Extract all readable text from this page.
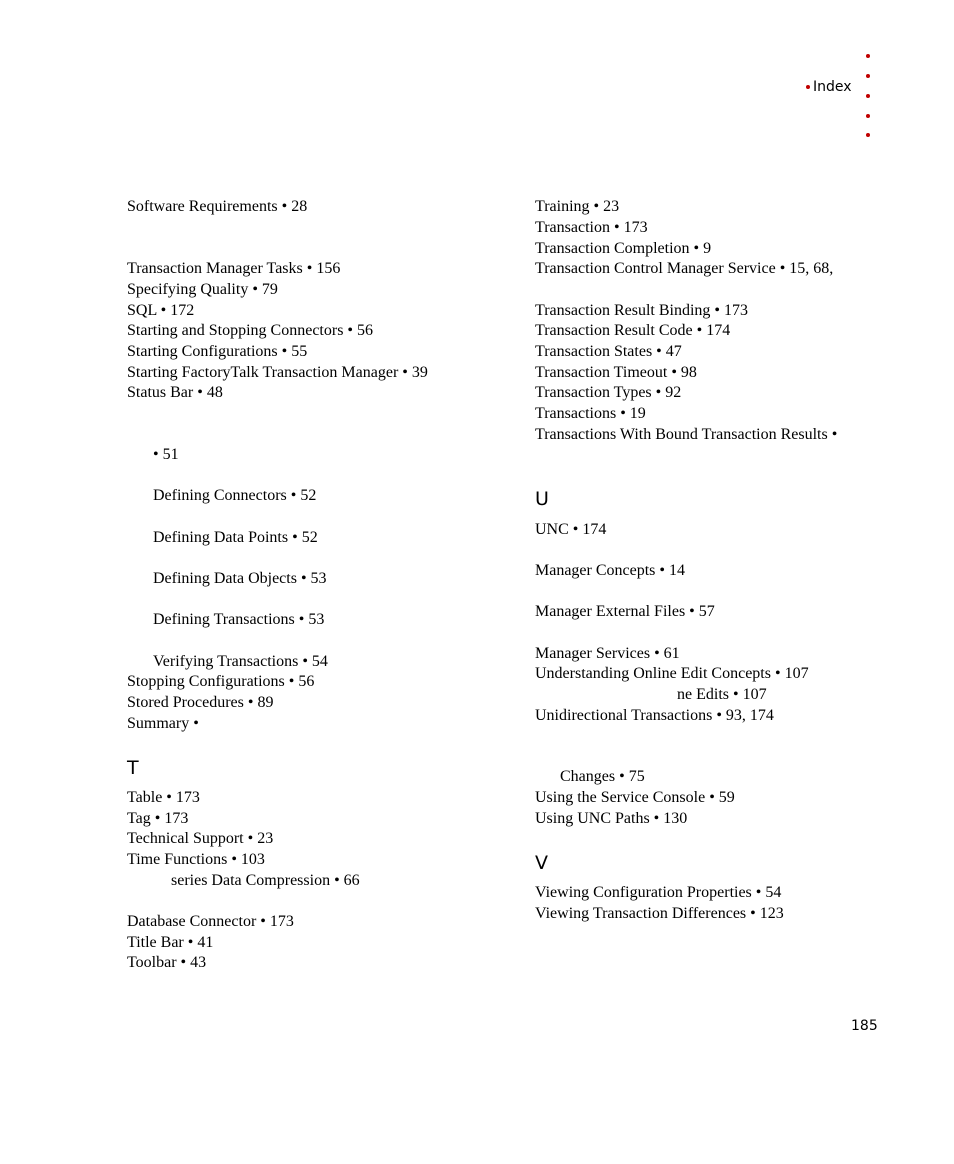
Index
Software Requirements • 28
Transaction Manager Tasks • 156
Specifying Quality • 79
SQL • 172
Starting and Stopping Connectors • 56
Starting Configurations • 55
Starting FactoryTalk Transaction Manager • 39
Status Bar • 48
• 51
Defining Connectors • 52
Defining Data Points • 52
Defining Data Objects • 53
Defining Transactions • 53
Verifying Transactions • 54
Stopping Configurations • 56
Stored Procedures • 89
Summary •
T
Table • 173
Tag • 173
Technical Support • 23
Time Functions • 103
series Data Compression • 66
Database Connector • 173
Title Bar • 41
Toolbar • 43
Training • 23
Transaction • 173
Transaction Completion • 9
Transaction Control Manager Service • 15, 68,
Transaction Result Binding • 173
Transaction Result Code • 174
Transaction States • 47
Transaction Timeout • 98
Transaction Types • 92
Transactions • 19
Transactions With Bound Transaction Results •
U
UNC • 174
Manager Concepts • 14
Manager External Files • 57
Manager Services • 61
Understanding Online Edit Concepts • 107
ne Edits • 107
Unidirectional Transactions • 93, 174
Changes • 75
Using the Service Console • 59
Using UNC Paths • 130
V
Viewing Configuration Properties • 54
Viewing Transaction Differences • 123
185
